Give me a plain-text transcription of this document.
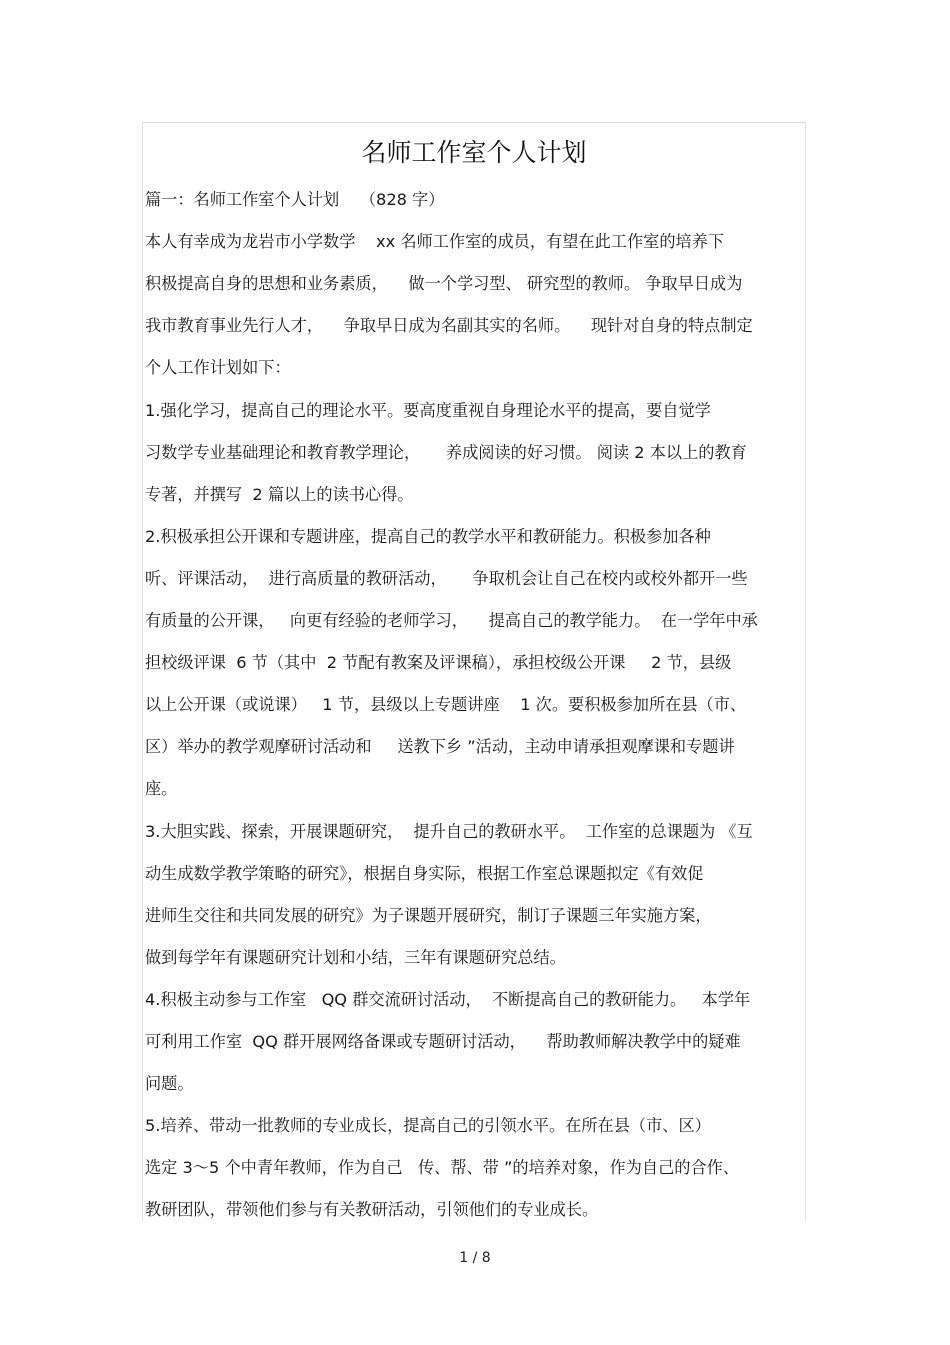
名师工作室个人计划
篇一：名师工作室个人计划    （828 字）
本人有幸成为龙岩市小学数学    xx 名师工作室的成员，有望在此工作室的培养下
积极提高自身的思想和业务素质，    做一个学习型、 研究型的教师。 争取早日成为
我市教育事业先行人才，    争取早日成为名副其实的名师。    现针对自身的特点制定
个人工作计划如下：
1.强化学习，提高自己的理论水平。要高度重视自身理论水平的提高，要自觉学
习数学专业基础理论和教育教学理论，     养成阅读的好习惯。 阅读 2 本以上的教育
专著，并撰写  2 篇以上的读书心得。
2.积极承担公开课和专题讲座，提高自己的教学水平和教研能力。积极参加各种
听、评课活动，  进行高质量的教研活动，     争取机会让自己在校内或校外都开一些
有质量的公开课，   向更有经验的老师学习，    提高自己的教学能力。  在一学年中承
担校级评课  6 节（其中  2 节配有教案及评课稿），承担校级公开课     2 节，县级
以上公开课（或说课）   1 节，县级以上专题讲座    1 次。要积极参加所在县（市、
区）举办的教学观摩研讨活动和     送教下乡 ”活动，主动申请承担观摩课和专题讲
座。
3.大胆实践、探索，开展课题研究，  提升自己的教研水平。  工作室的总课题为 《互
动生成数学教学策略的研究》，根据自身实际，根据工作室总课题拟定《有效促
进师生交往和共同发展的研究》为子课题开展研究，制订子课题三年实施方案，
做到每学年有课题研究计划和小结，三年有课题研究总结。
4.积极主动参与工作室   QQ 群交流研讨活动，  不断提高自己的教研能力。   本学年
可利用工作室  QQ 群开展网络备课或专题研讨活动，    帮助教师解决教学中的疑难
问题。
5.培养、带动一批教师的专业成长，提高自己的引领水平。在所在县（市、区）
选定 3～5 个中青年教师，作为自己   传、帮、带 ”的培养对象，作为自己的合作、
教研团队，带领他们参与有关教研活动，引领他们的专业成长。
1 / 8
